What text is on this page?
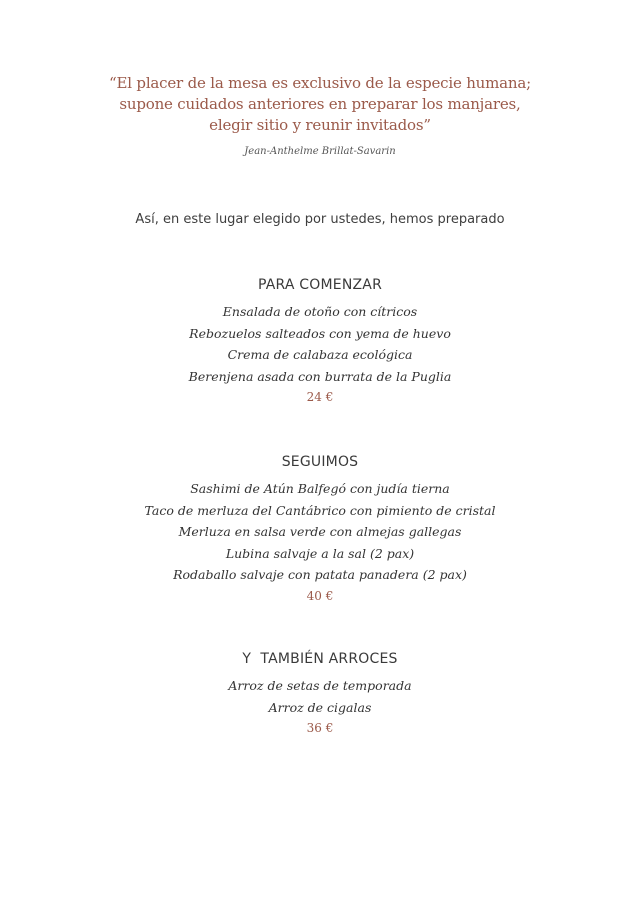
“El placer de la mesa es exclusivo de la especie humana;
supone cuidados anteriores en preparar los manjares,
elegir sitio y reunir invitados”
Jean-Anthelme Brillat-Savarin
Así, en este lugar elegido por ustedes, hemos preparado
PARA COMENZAR
Ensalada de otoño con cítricos
Rebozuelos salteados con yema de huevo
Crema de calabaza ecológica
Berenjena asada con burrata de la Puglia
24 €
SEGUIMOS
Sashimi de Atún Balfegó con judía tierna
Taco de merluza del Cantábrico con pimiento de cristal
Merluza en salsa verde con almejas gallegas
Lubina salvaje a la sal (2 pax)
Rodaballo salvaje con patata panadera (2 pax)
40 €
Y  TAMBIÉN ARROCES
Arroz de setas de temporada
Arroz de cigalas
36 €
